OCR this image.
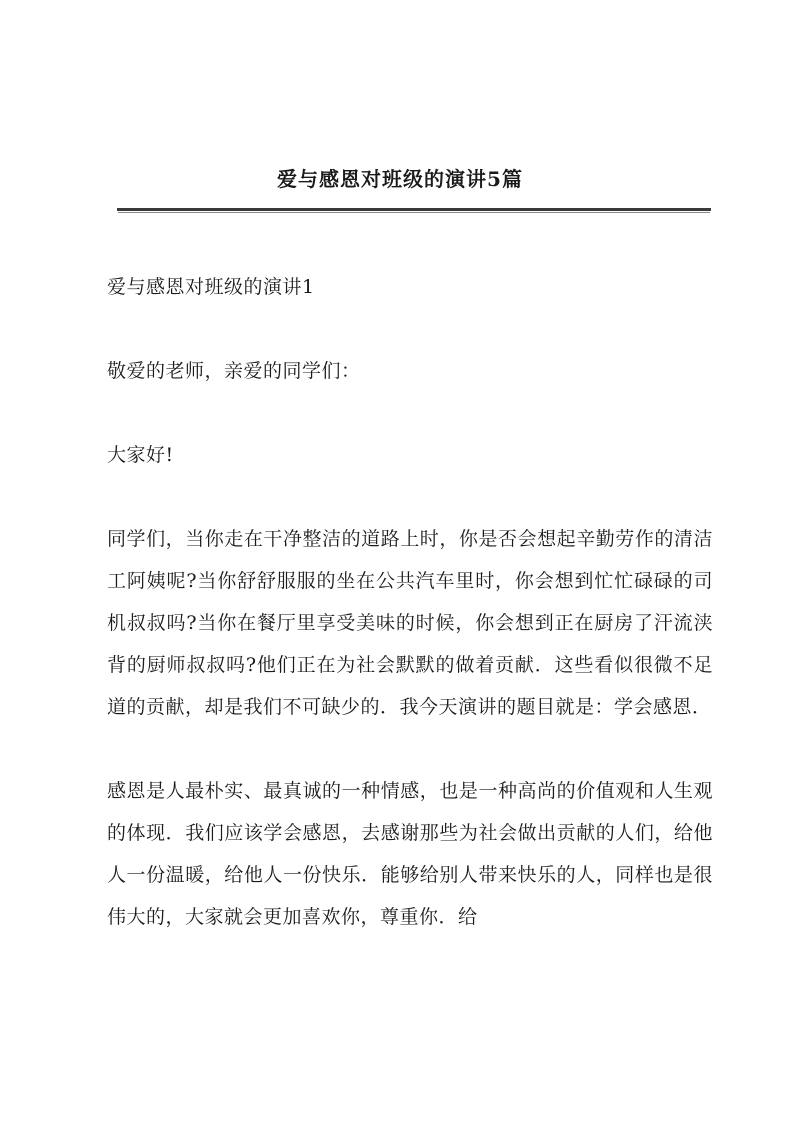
爱与感恩对班级的演讲5篇

爱与感恩对班级的演讲1

敬爱的老师，亲爱的同学们：

大家好!

同学们，当你走在干净整洁的道路上时，你是否会想起辛勤劳作的清洁工阿姨呢?当你舒舒服服的坐在公共汽车里时，你会想到忙忙碌碌的司机叔叔吗?当你在餐厅里享受美味的时候，你会想到正在厨房了汗流浃背的厨师叔叔吗?他们正在为社会默默的做着贡献．这些看似很微不足道的贡献，却是我们不可缺少的．我今天演讲的题目就是：学会感恩．

感恩是人最朴实、最真诚的一种情感，也是一种高尚的价值观和人生观的体现．我们应该学会感恩，去感谢那些为社会做出贡献的人们，给他人一份温暖，给他人一份快乐．能够给别人带来快乐的人，同样也是很伟大的，大家就会更加喜欢你，尊重你．给
